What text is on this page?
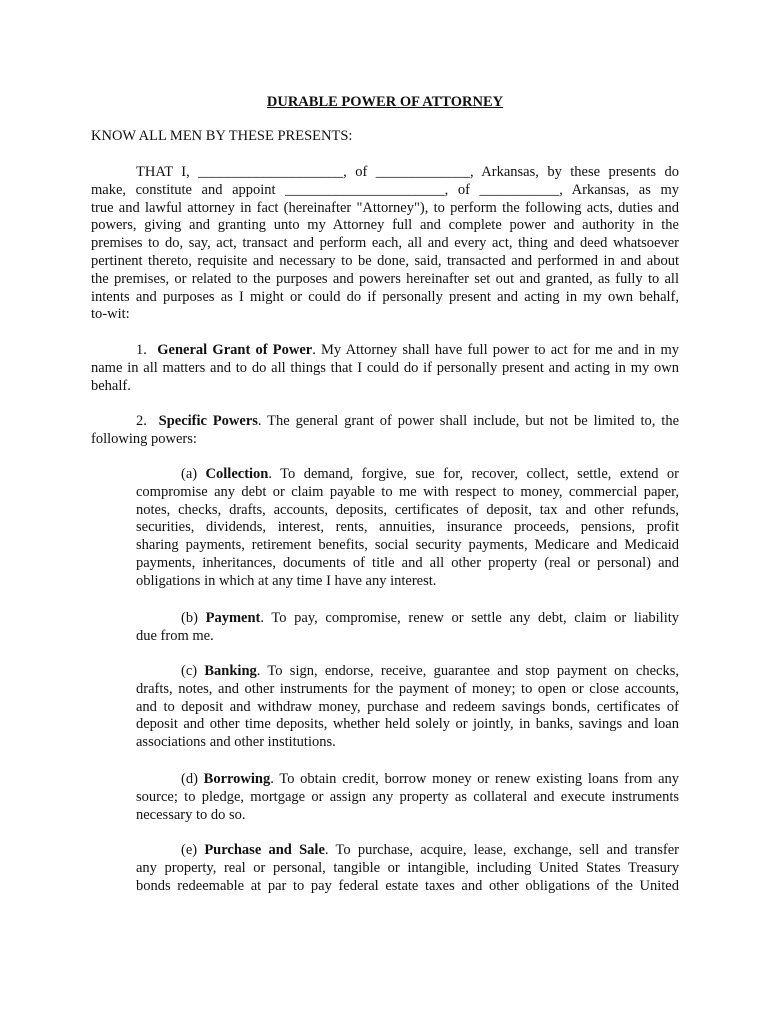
DURABLE POWER OF ATTORNEY
KNOW ALL MEN BY THESE PRESENTS:
THAT I, ____________________, of _____________, Arkansas, by these presents do
make, constitute and appoint ______________________, of ___________, Arkansas, as my
true and lawful attorney in fact (hereinafter "Attorney"), to perform the following acts, duties and
powers, giving and granting unto my Attorney full and complete power and authority in the
premises to do, say, act, transact and perform each, all and every act, thing and deed whatsoever
pertinent thereto, requisite and necessary to be done, said, transacted and performed in and about
the premises, or related to the purposes and powers hereinafter set out and granted, as fully to all
intents and purposes as I might or could do if personally present and acting in my own behalf,
to-wit:
1. General Grant of Power. My Attorney shall have full power to act for me and in my
name in all matters and to do all things that I could do if personally present and acting in my own
behalf.
2. Specific Powers. The general grant of power shall include, but not be limited to, the
following powers:
(a) Collection. To demand, forgive, sue for, recover, collect, settle, extend or
compromise any debt or claim payable to me with respect to money, commercial paper,
notes, checks, drafts, accounts, deposits, certificates of deposit, tax and other refunds,
securities, dividends, interest, rents, annuities, insurance proceeds, pensions, profit
sharing payments, retirement benefits, social security payments, Medicare and Medicaid
payments, inheritances, documents of title and all other property (real or personal) and
obligations in which at any time I have any interest.
(b) Payment. To pay, compromise, renew or settle any debt, claim or liability
due from me.
(c) Banking. To sign, endorse, receive, guarantee and stop payment on checks,
drafts, notes, and other instruments for the payment of money; to open or close accounts,
and to deposit and withdraw money, purchase and redeem savings bonds, certificates of
deposit and other time deposits, whether held solely or jointly, in banks, savings and loan
associations and other institutions.
(d) Borrowing. To obtain credit, borrow money or renew existing loans from any
source; to pledge, mortgage or assign any property as collateral and execute instruments
necessary to do so.
(e) Purchase and Sale. To purchase, acquire, lease, exchange, sell and transfer
any property, real or personal, tangible or intangible, including United States Treasury
bonds redeemable at par to pay federal estate taxes and other obligations of the United
